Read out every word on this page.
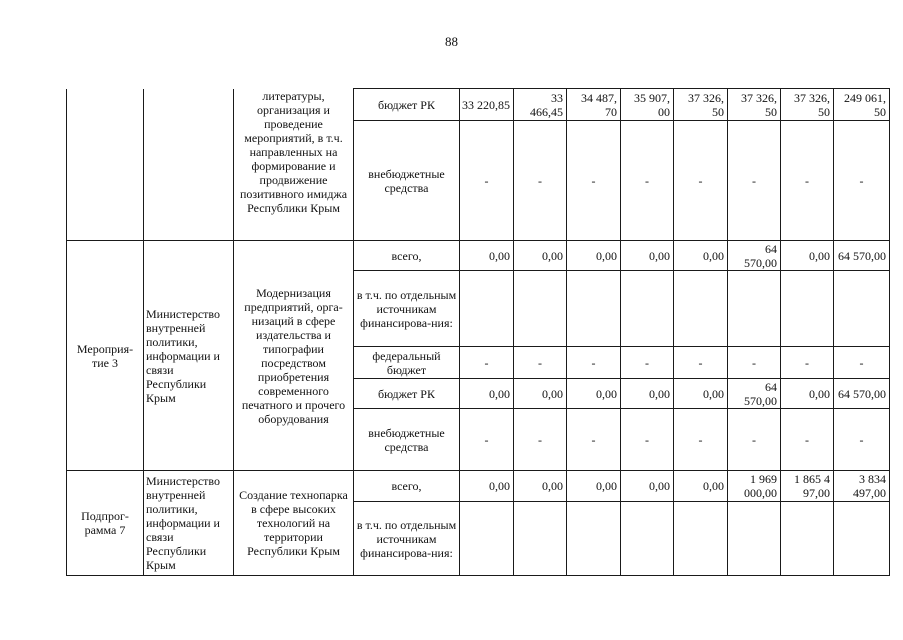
88
		литературы, организация и проведение мероприятий, в т.ч. направленных на формирование и продвижение позитивного имиджа Республики Крым	бюджет РК	33 220,85	33 466,45	34 487, 70	35 907, 00	37 326, 50	37 326, 50	37 326, 50	249 061, 50
			внебюджетные средства	-	-	-	-	-	-	-	-
Мероприя-тие 3	Министерство внутренней политики, информации и связи Республики Крым	Модернизация предприятий, орга-низаций в сфере издательства и типографии посредством приобретения современного печатного и прочего оборудования	всего,	0,00	0,00	0,00	0,00	0,00	64 570,00	0,00	64 570,00
			в т.ч. по отдельным источникам финансирова-ния:								
			федеральный бюджет	-	-	-	-	-	-	-	-
			бюджет РК	0,00	0,00	0,00	0,00	0,00	64 570,00	0,00	64 570,00
			внебюджетные средства	-	-	-	-	-	-	-	-
Подпрог-рамма 7	Министерство внутренней политики, информации и связи Республики Крым	Создание технопарка в сфере высоких технологий на территории Республики Крым	всего,	0,00	0,00	0,00	0,00	0,00	1 969 000,00	1 865 4 97,00	3 834 497,00
			в т.ч. по отдельным источникам финансирова-ния:								
